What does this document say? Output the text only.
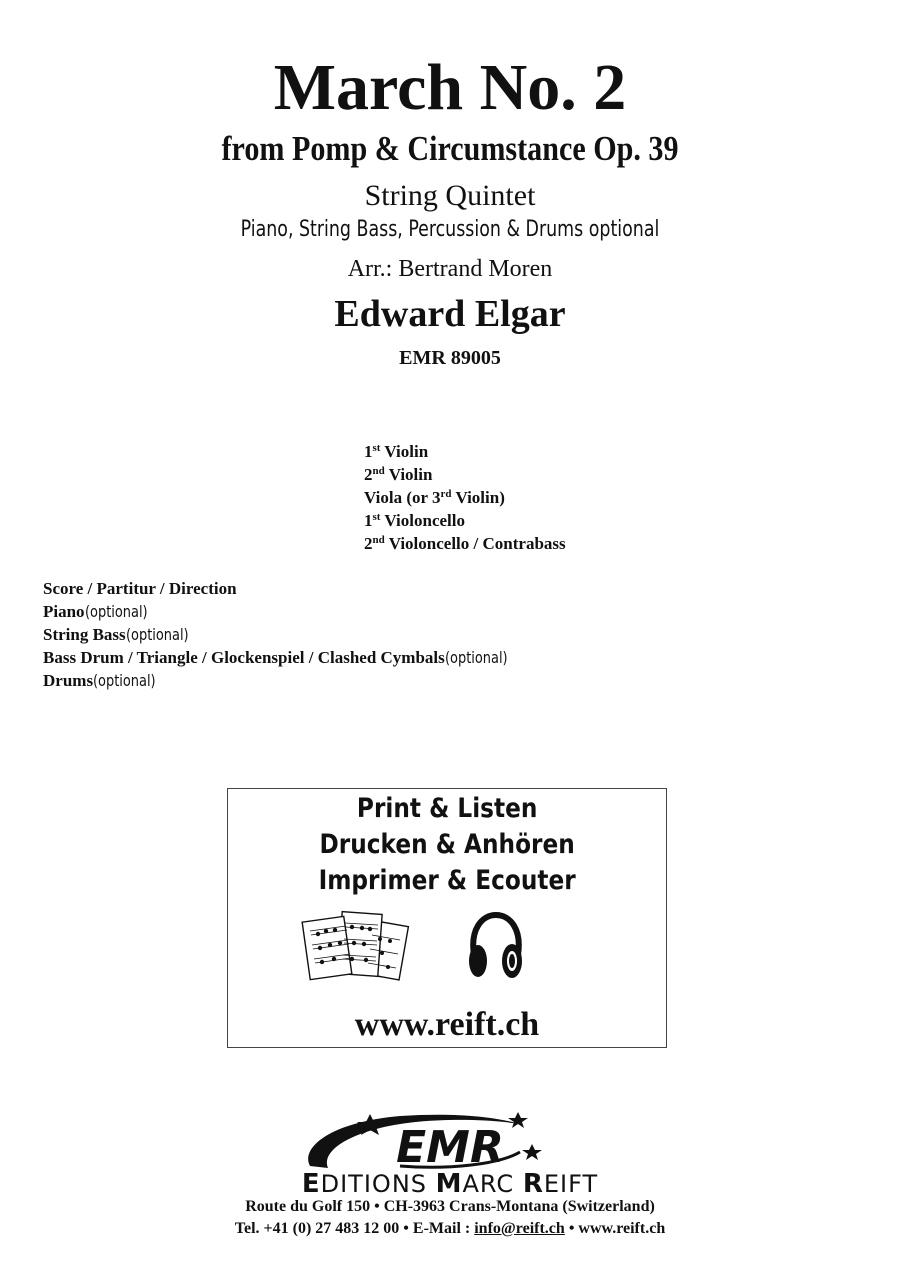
March No. 2
from Pomp & Circumstance Op. 39
String Quintet
Piano, String Bass, Percussion & Drums optional
Arr.: Bertrand Moren
Edward Elgar
EMR 89005
1st Violin
2nd Violin
Viola (or 3rd Violin)
1st Violoncello
2nd Violoncello / Contrabass
Score / Partitur / Direction
Piano(optional)
String Bass(optional)
Bass Drum / Triangle / Glockenspiel / Clashed Cymbals(optional)
Drums(optional)
Print & Listen
Drucken & Anhören
Imprimer & Ecouter
www.reift.ch
EMR
EDITIONS MARC REIFT
Route du Golf 150 • CH-3963 Crans-Montana (Switzerland)
Tel. +41 (0) 27 483 12 00 • E-Mail : info@reift.ch • www.reift.ch
